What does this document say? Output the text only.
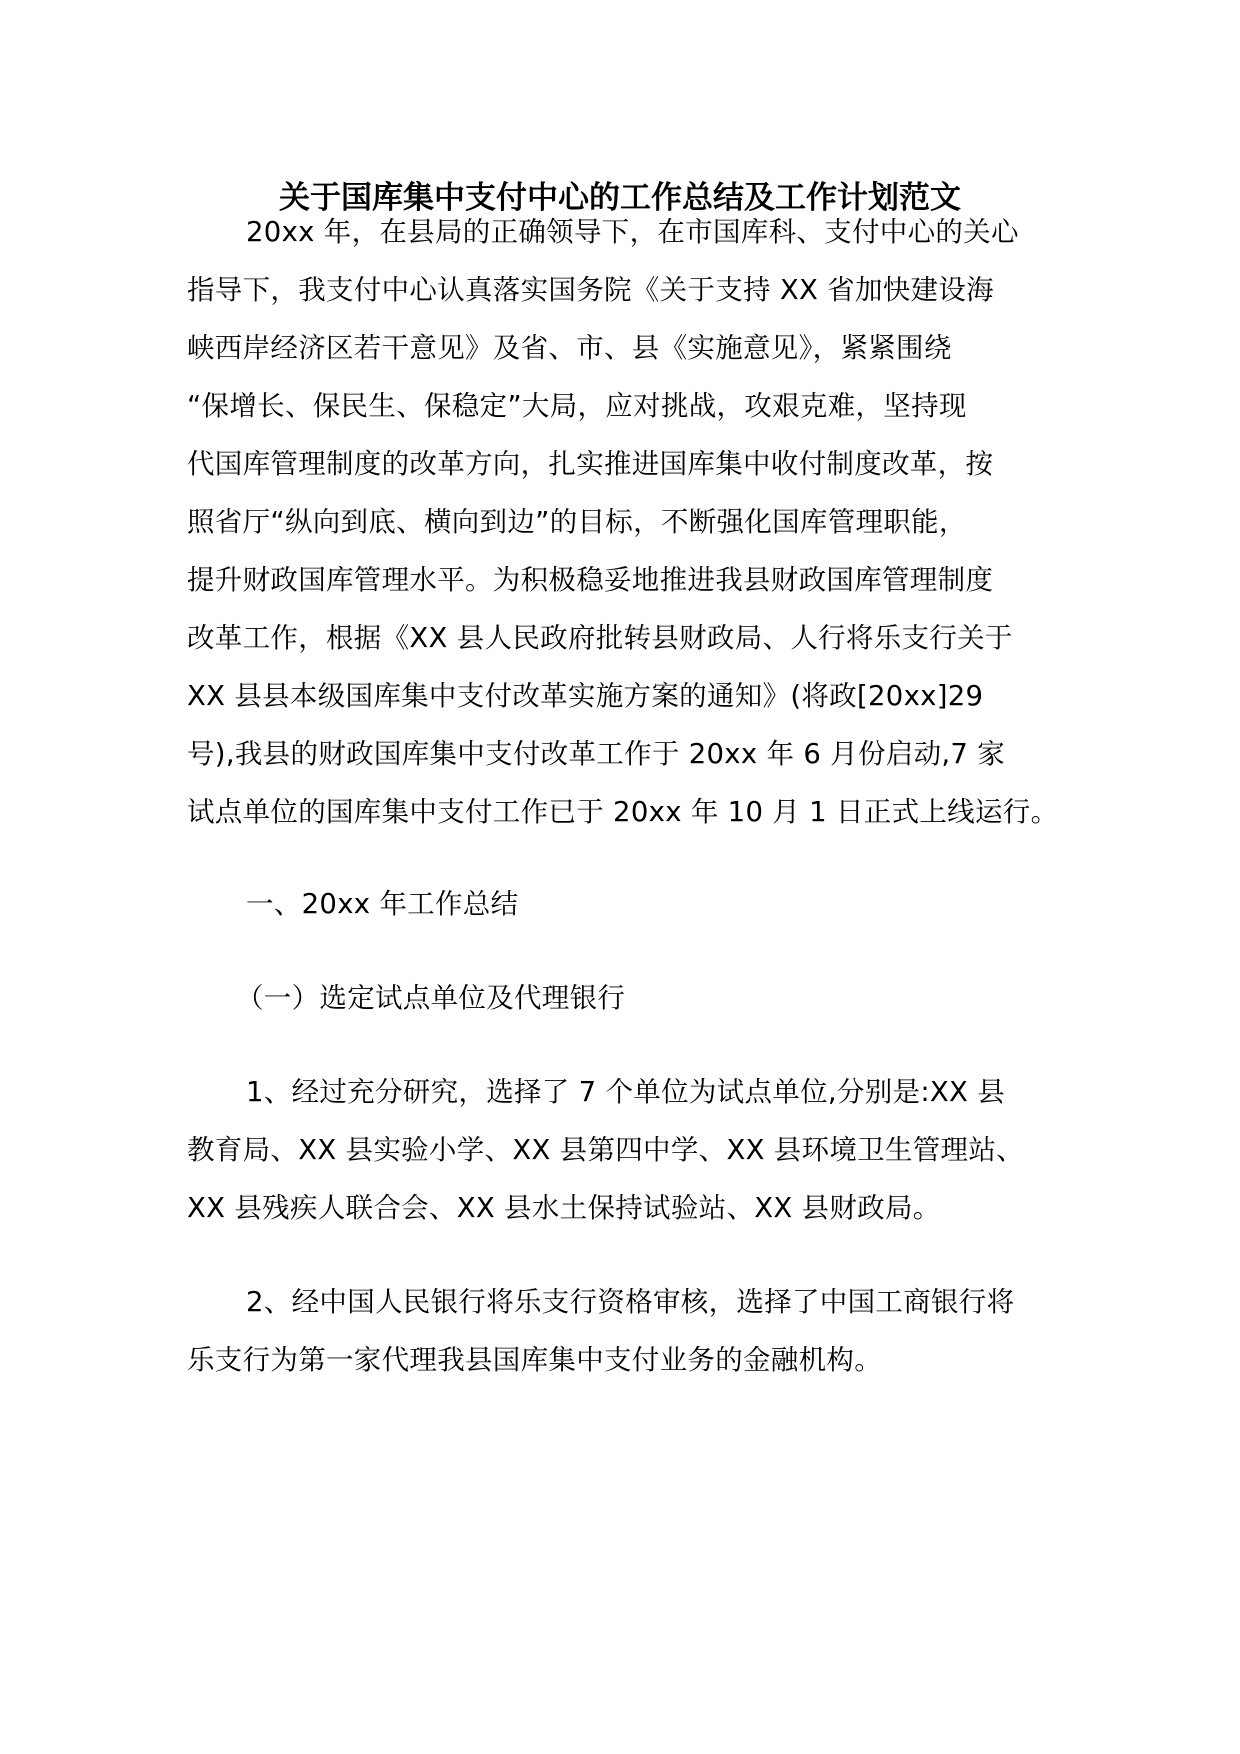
关于国库集中支付中心的工作总结及工作计划范文
20xx 年，在县局的正确领导下，在市国库科、支付中心的关心
指导下，我支付中心认真落实国务院《关于支持 XX 省加快建设海
峡西岸经济区若干意见》及省、市、县《实施意见》，紧紧围绕
“保增长、保民生、保稳定”大局，应对挑战，攻艰克难，坚持现
代国库管理制度的改革方向，扎实推进国库集中收付制度改革，按
照省厅“纵向到底、横向到边”的目标，不断强化国库管理职能，
提升财政国库管理水平。为积极稳妥地推进我县财政国库管理制度
改革工作，根据《XX 县人民政府批转县财政局、人行将乐支行关于
XX 县县本级国库集中支付改革实施方案的通知》(将政[20xx]29
号),我县的财政国库集中支付改革工作于 20xx 年 6 月份启动,7 家
试点单位的国库集中支付工作已于 20xx 年 10 月 1 日正式上线运行。
一、20xx 年工作总结
（一）选定试点单位及代理银行
1、经过充分研究，选择了 7 个单位为试点单位,分别是:XX 县
教育局、XX 县实验小学、XX 县第四中学、XX 县环境卫生管理站、
XX 县残疾人联合会、XX 县水土保持试验站、XX 县财政局。
2、经中国人民银行将乐支行资格审核，选择了中国工商银行将
乐支行为第一家代理我县国库集中支付业务的金融机构。
